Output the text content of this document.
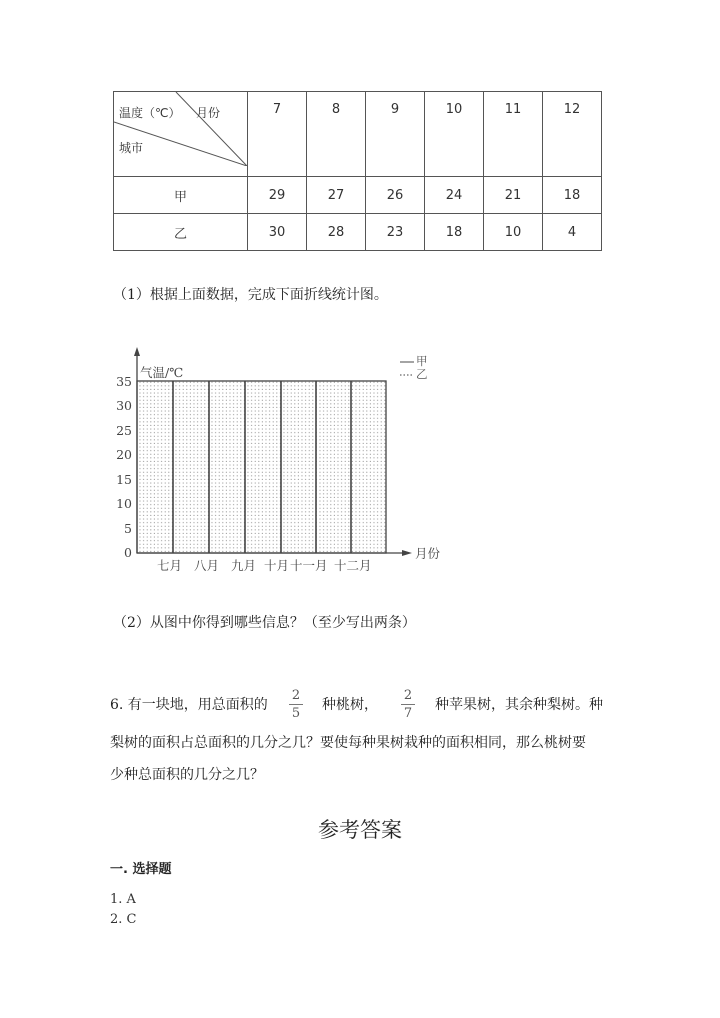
温度（℃） 月份
城市	7	8	9	10	11	12
甲	29	27	26	24	21	18
乙	30	28	23	18	10	4
（1）根据上面数据，完成下面折线统计图。
气温/℃
月份
甲
乙
0
5
10
15
20
25
30
35
七月 八月 九月 十月 十一月 十二月
（2）从图中你得到哪些信息？（至少写出两条）
6. 有一块地，用总面积的
2
5
种桃树，
2
7
种苹果树，其余种梨树。种
梨树的面积占总面积的几分之几？要使每种果树栽种的面积相同，那么桃树要
少种总面积的几分之几？
参考答案
一. 选择题
1. A
2. C
